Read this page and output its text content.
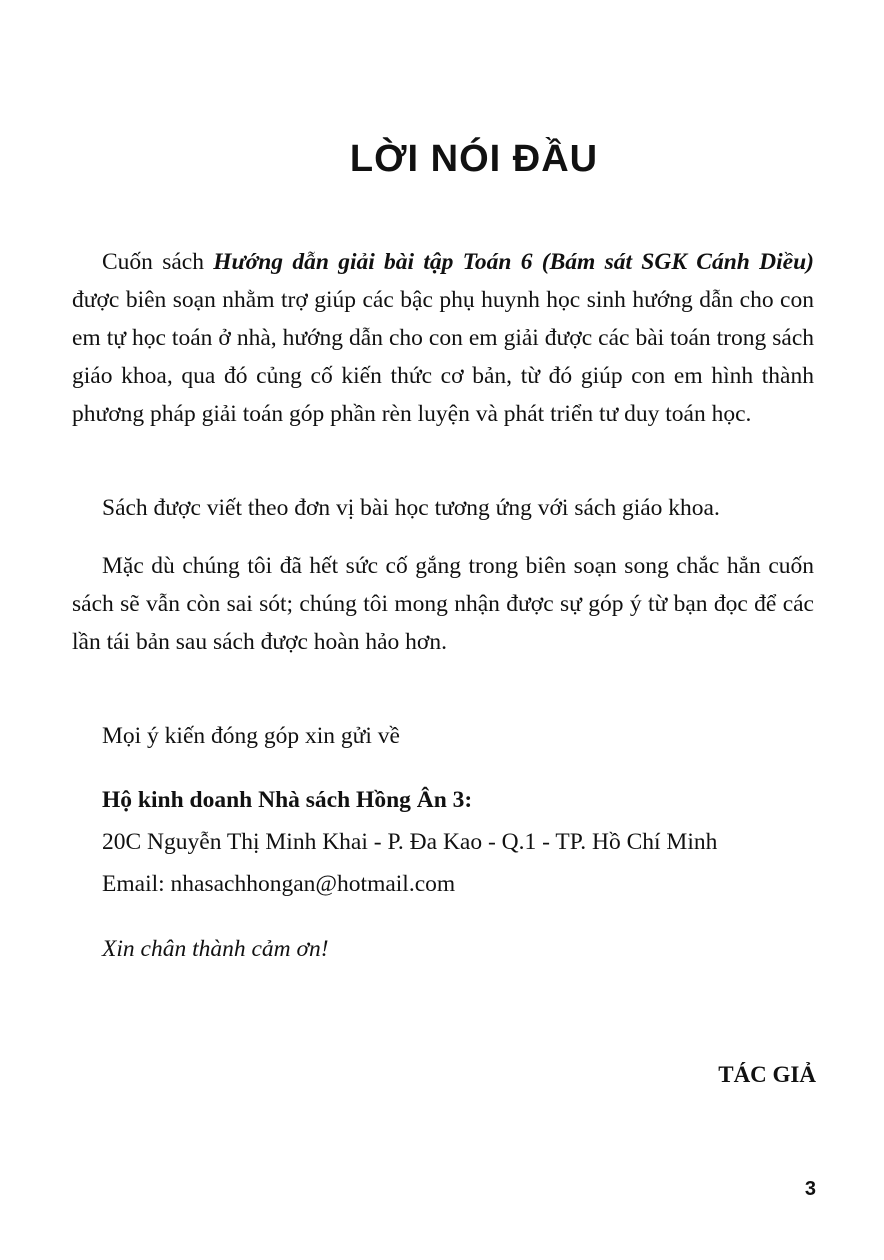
LỜI NÓI ĐẦU

Cuốn sách Hướng dẫn giải bài tập Toán 6 (Bám sát SGK Cánh Diều) được biên soạn nhằm trợ giúp các bậc phụ huynh học sinh hướng dẫn cho con em tự học toán ở nhà, hướng dẫn cho con em giải được các bài toán trong sách giáo khoa, qua đó củng cố kiến thức cơ bản, từ đó giúp con em hình thành phương pháp giải toán góp phần rèn luyện và phát triển tư duy toán học.

Sách được viết theo đơn vị bài học tương ứng với sách giáo khoa.

Mặc dù chúng tôi đã hết sức cố gắng trong biên soạn song chắc hẳn cuốn sách sẽ vẫn còn sai sót; chúng tôi mong nhận được sự góp ý từ bạn đọc để các lần tái bản sau sách được hoàn hảo hơn.

Mọi ý kiến đóng góp xin gửi về

Hộ kinh doanh Nhà sách Hồng Ân 3:
20C Nguyễn Thị Minh Khai - P. Đa Kao - Q.1 - TP. Hồ Chí Minh
Email: nhasachhongan@hotmail.com
Xin chân thành cảm ơn!
TÁC GIẢ
3
